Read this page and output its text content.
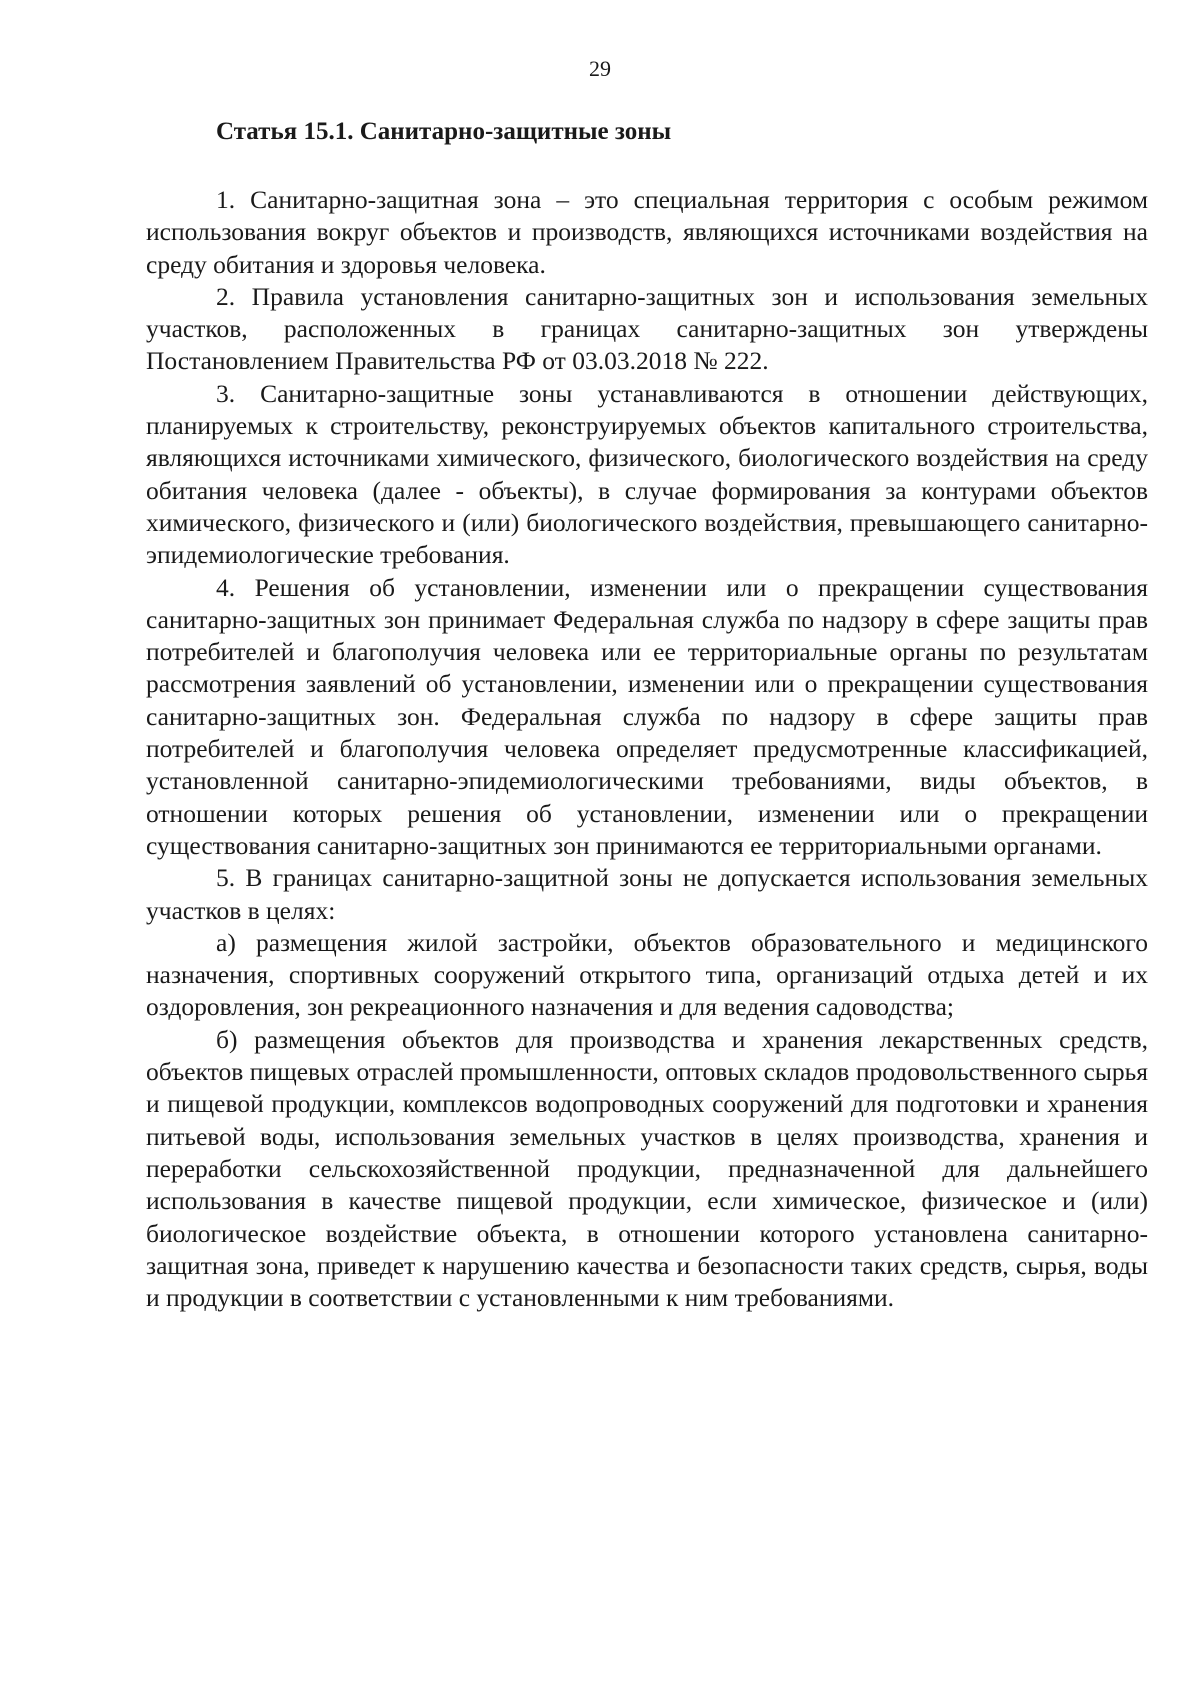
29
Статья 15.1. Санитарно-защитные зоны

1. Санитарно-защитная зона – это специальная территория с особым режимом использования вокруг объектов и производств, являющихся источниками воздействия на среду обитания и здоровья человека.

2. Правила установления санитарно-защитных зон и использования земельных участков, расположенных в границах санитарно-защитных зон утверждены Постановлением Правительства РФ от 03.03.2018 № 222.

3. Санитарно-защитные зоны устанавливаются в отношении действующих, планируемых к строительству, реконструируемых объектов капитального строительства, являющихся источниками химического, физического, биологического воздействия на среду обитания человека (далее - объекты), в случае формирования за контурами объектов химического, физического и (или) биологического воздействия, превышающего санитарно-эпидемиологические требования.

4. Решения об установлении, изменении или о прекращении существования санитарно-защитных зон принимает Федеральная служба по надзору в сфере защиты прав потребителей и благополучия человека или ее территориальные органы по результатам рассмотрения заявлений об установлении, изменении или о прекращении существования санитарно-защитных зон. Федеральная служба по надзору в сфере защиты прав потребителей и благополучия человека определяет предусмотренные классификацией, установленной санитарно-эпидемиологическими требованиями, виды объектов, в отношении которых решения об установлении, изменении или о прекращении существования санитарно-защитных зон принимаются ее территориальными органами.

5. В границах санитарно-защитной зоны не допускается использования земельных участков в целях:

а) размещения жилой застройки, объектов образовательного и медицинского назначения, спортивных сооружений открытого типа, организаций отдыха детей и их оздоровления, зон рекреационного назначения и для ведения садоводства;

б) размещения объектов для производства и хранения лекарственных средств, объектов пищевых отраслей промышленности, оптовых складов продовольственного сырья и пищевой продукции, комплексов водопроводных сооружений для подготовки и хранения питьевой воды, использования земельных участков в целях производства, хранения и переработки сельскохозяйственной продукции, предназначенной для дальнейшего использования в качестве пищевой продукции, если химическое, физическое и (или) биологическое воздействие объекта, в отношении которого установлена санитарно-защитная зона, приведет к нарушению качества и безопасности таких средств, сырья, воды и продукции в соответствии с установленными к ним требованиями.
